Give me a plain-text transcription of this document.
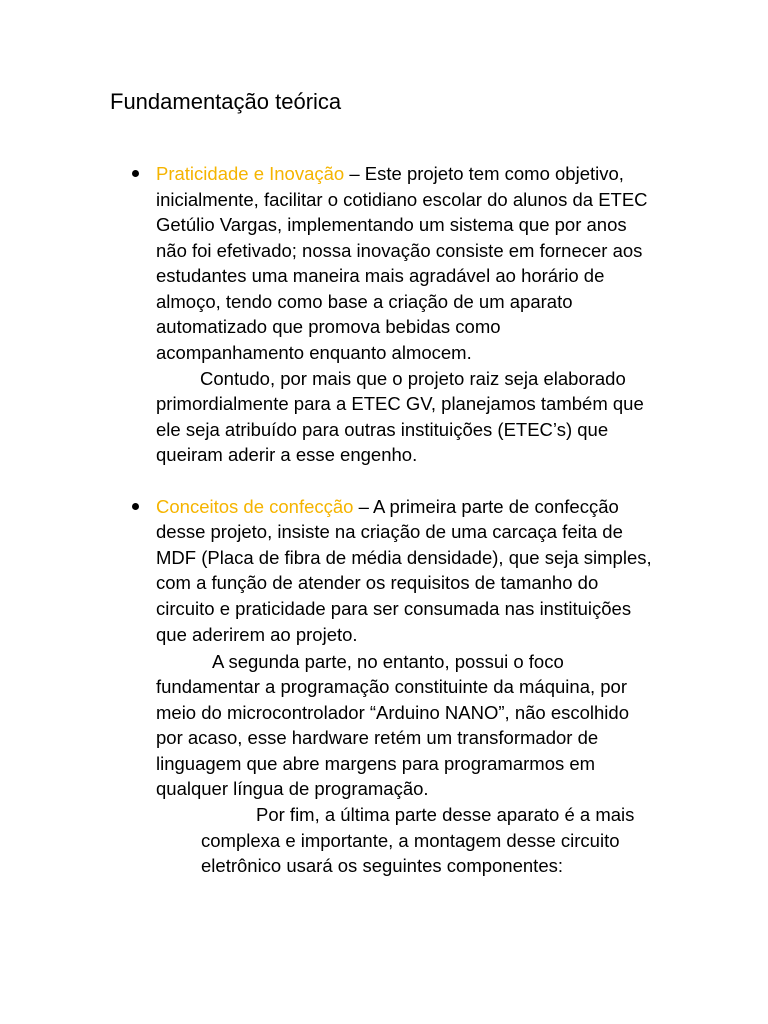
Fundamentação teórica
Praticidade e Inovação – Este projeto tem como objetivo,
inicialmente, facilitar o cotidiano escolar do alunos da ETEC
Getúlio Vargas, implementando um sistema que por anos
não foi efetivado; nossa inovação consiste em fornecer aos
estudantes uma maneira mais agradável ao horário de
almoço, tendo como base a criação de um aparato
automatizado que promova bebidas como
acompanhamento enquanto almocem.
Contudo, por mais que o projeto raiz seja elaborado
primordialmente para a ETEC GV, planejamos também que
ele seja atribuído para outras instituições (ETEC’s) que
queiram aderir a esse engenho.
Conceitos de confecção – A primeira parte de confecção
desse projeto, insiste na criação de uma carcaça feita de
MDF (Placa de fibra de média densidade), que seja simples,
com a função de atender os requisitos de tamanho do
circuito e praticidade para ser consumada nas instituições
que aderirem ao projeto.
A segunda parte, no entanto, possui o foco
fundamentar a programação constituinte da máquina, por
meio do microcontrolador “Arduino NANO”, não escolhido
por acaso, esse hardware retém um transformador de
linguagem que abre margens para programarmos em
qualquer língua de programação.
Por fim, a última parte desse aparato é a mais
complexa e importante, a montagem desse circuito
eletrônico usará os seguintes componentes:
